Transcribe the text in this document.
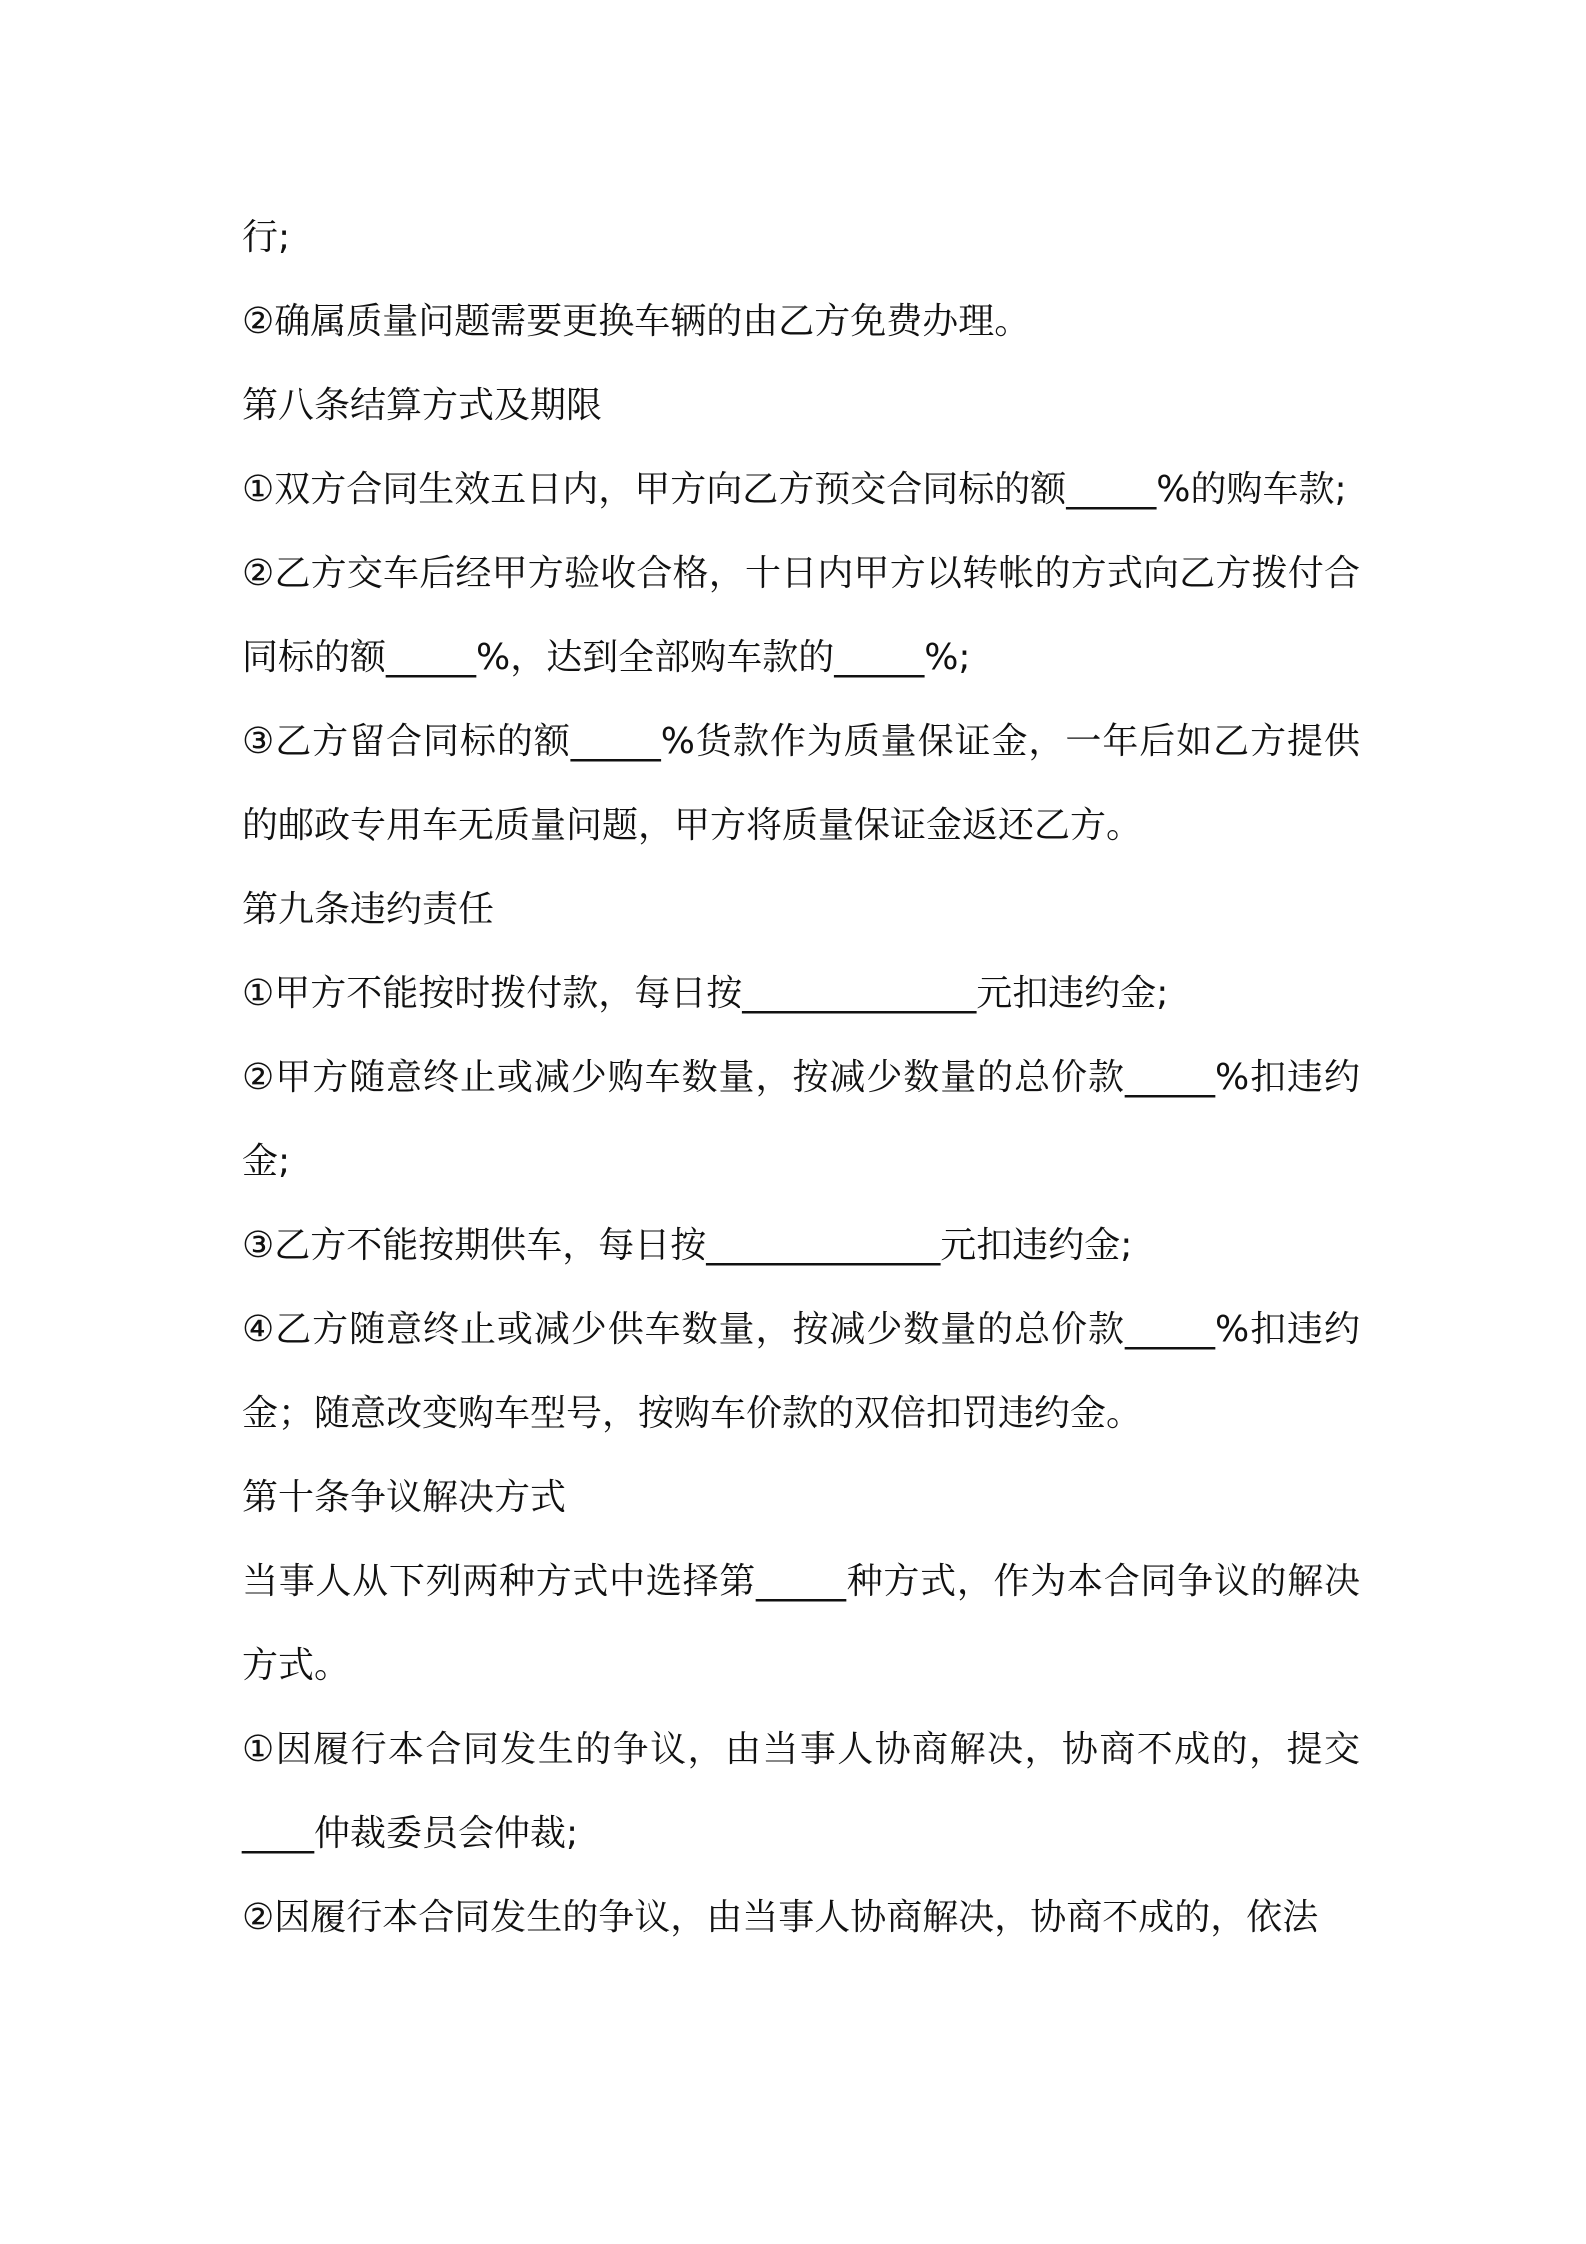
行;

②确属质量问题需要更换车辆的由乙方免费办理。

第八条结算方式及期限

①双方合同生效五日内，甲方向乙方预交合同标的额_____%的购车款;

②乙方交车后经甲方验收合格，十日内甲方以转帐的方式向乙方拨付合同标的额_____%，达到全部购车款的_____%;

③乙方留合同标的额_____%货款作为质量保证金，一年后如乙方提供的邮政专用车无质量问题，甲方将质量保证金返还乙方。

第九条违约责任

①甲方不能按时拨付款，每日按_____________元扣违约金;

②甲方随意终止或减少购车数量，按减少数量的总价款_____%扣违约金;

③乙方不能按期供车，每日按_____________元扣违约金;

④乙方随意终止或减少供车数量，按减少数量的总价款_____%扣违约金；随意改变购车型号，按购车价款的双倍扣罚违约金。

第十条争议解决方式

当事人从下列两种方式中选择第_____种方式，作为本合同争议的解决方式。

①因履行本合同发生的争议，由当事人协商解决，协商不成的，提交____仲裁委员会仲裁;

②因履行本合同发生的争议，由当事人协商解决，协商不成的，依法
